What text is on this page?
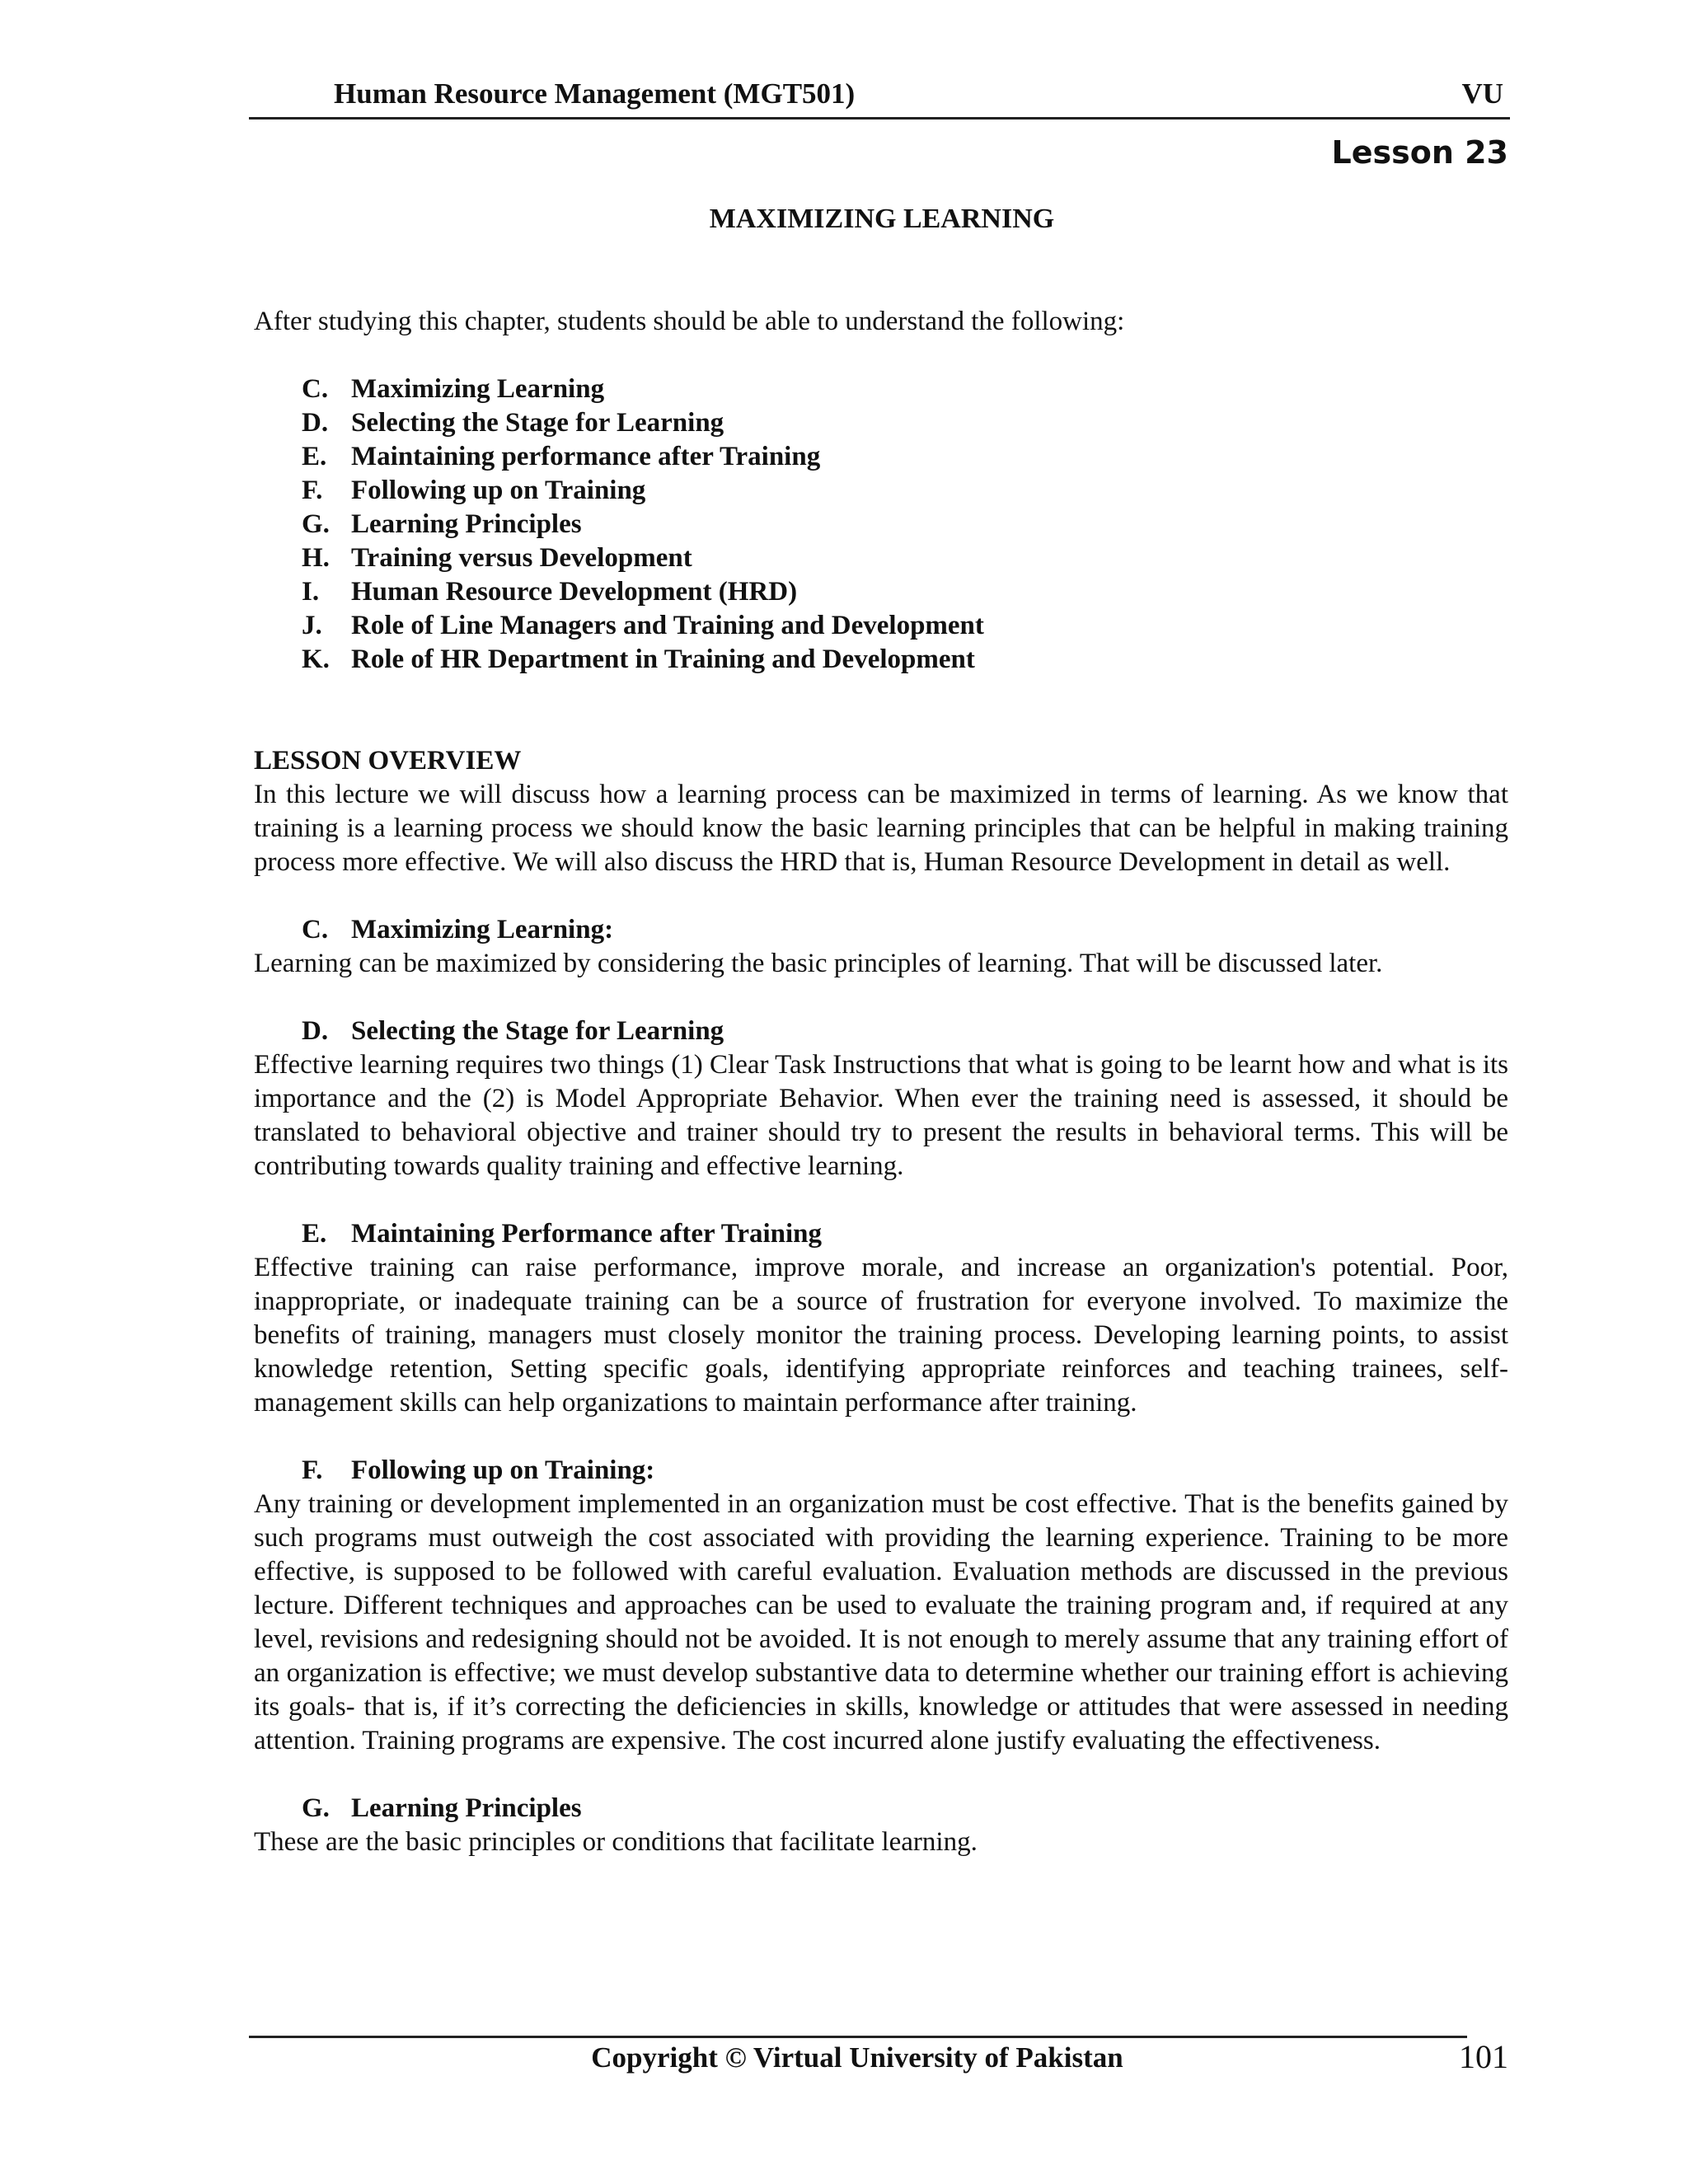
Human Resource Management (MGT501)	VU
Lesson 23
MAXIMIZING LEARNING

After studying this chapter, students should be able to understand the following:

C. Maximizing Learning
D. Selecting the Stage for Learning
E. Maintaining performance after Training
F. Following up on Training
G. Learning Principles
H. Training versus Development
I. Human Resource Development (HRD)
J. Role of Line Managers and Training and Development
K. Role of HR Department in Training and Development
LESSON OVERVIEW

In this lecture we will discuss how a learning process can be maximized in terms of learning. As we know that training is a learning process we should know the basic learning principles that can be helpful in making training process more effective. We will also discuss the HRD that is, Human Resource Development in detail as well.

C. Maximizing Learning:

Learning can be maximized by considering the basic principles of learning. That will be discussed later.

D. Selecting the Stage for Learning

Effective learning requires two things (1) Clear Task Instructions that what is going to be learnt how and what is its importance and the (2) is Model Appropriate Behavior. When ever the training need is assessed, it should be translated to behavioral objective and trainer should try to present the results in behavioral terms. This will be contributing towards quality training and effective learning.

E. Maintaining Performance after Training

Effective training can raise performance, improve morale, and increase an organization's potential. Poor, inappropriate, or inadequate training can be a source of frustration for everyone involved. To maximize the benefits of training, managers must closely monitor the training process. Developing learning points, to assist knowledge retention, Setting specific goals, identifying appropriate reinforces and teaching trainees, self-management skills can help organizations to maintain performance after training.

F. Following up on Training:

Any training or development implemented in an organization must be cost effective. That is the benefits gained by such programs must outweigh the cost associated with providing the learning experience. Training to be more effective, is supposed to be followed with careful evaluation. Evaluation methods are discussed in the previous lecture. Different techniques and approaches can be used to evaluate the training program and, if required at any level, revisions and redesigning should not be avoided. It is not enough to merely assume that any training effort of an organization is effective; we must develop substantive data to determine whether our training effort is achieving its goals- that is, if it’s correcting the deficiencies in skills, knowledge or attitudes that were assessed in needing attention. Training programs are expensive. The cost incurred alone justify evaluating the effectiveness.

G. Learning Principles

These are the basic principles or conditions that facilitate learning.

Copyright © Virtual University of Pakistan	101
